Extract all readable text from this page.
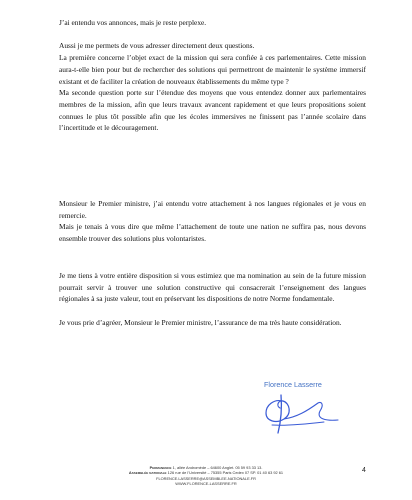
J’ai entendu vos annonces, mais je reste perplexe.

Aussi je me permets de vous adresser directement deux questions.

La première concerne l’objet exact de la mission qui sera confiée à ces parlementaires. Cette mission aura-t-elle bien pour but de rechercher des solutions qui permettront de maintenir le système immersif existant et de faciliter la création de nouveaux établissements du même type ?

Ma seconde question porte sur l’étendue des moyens que vous entendez donner aux parlementaires membres de la mission, afin que leurs travaux avancent rapidement et que leurs propositions soient connues le plus tôt possible afin que les écoles immersives ne finissent pas l’année scolaire dans l’incertitude et le découragement.

Monsieur le Premier ministre, j’ai entendu votre attachement à nos langues régionales et je vous en remercie.

Mais je tenais à vous dire que même l’attachement de toute une nation ne suffira pas, nous devons ensemble trouver des solutions plus volontaristes.

Je me tiens à votre entière disposition si vous estimiez que ma nomination au sein de la future mission pourrait servir à trouver une solution constructive qui consacrerait l’enseignement des langues régionales à sa juste valeur, tout en préservant les dispositions de notre Norme fondamentale.

Je vous prie d’agréer, Monsieur le Premier ministre, l’assurance de ma très haute considération.

Florence Lasserre
Permanence 1, allée Andromède – 64600 Anglet. 05 59 93 33 13.
Assemblée nationale 126 rue de l’Université – 75355 Paris Cedex 07 SP. 01 40 63 92 61
FLORENCE.LASSERRE@ASSEMBLEE-NATIONALE.FR
WWW.FLORENCE-LASSERRE.FR
4
